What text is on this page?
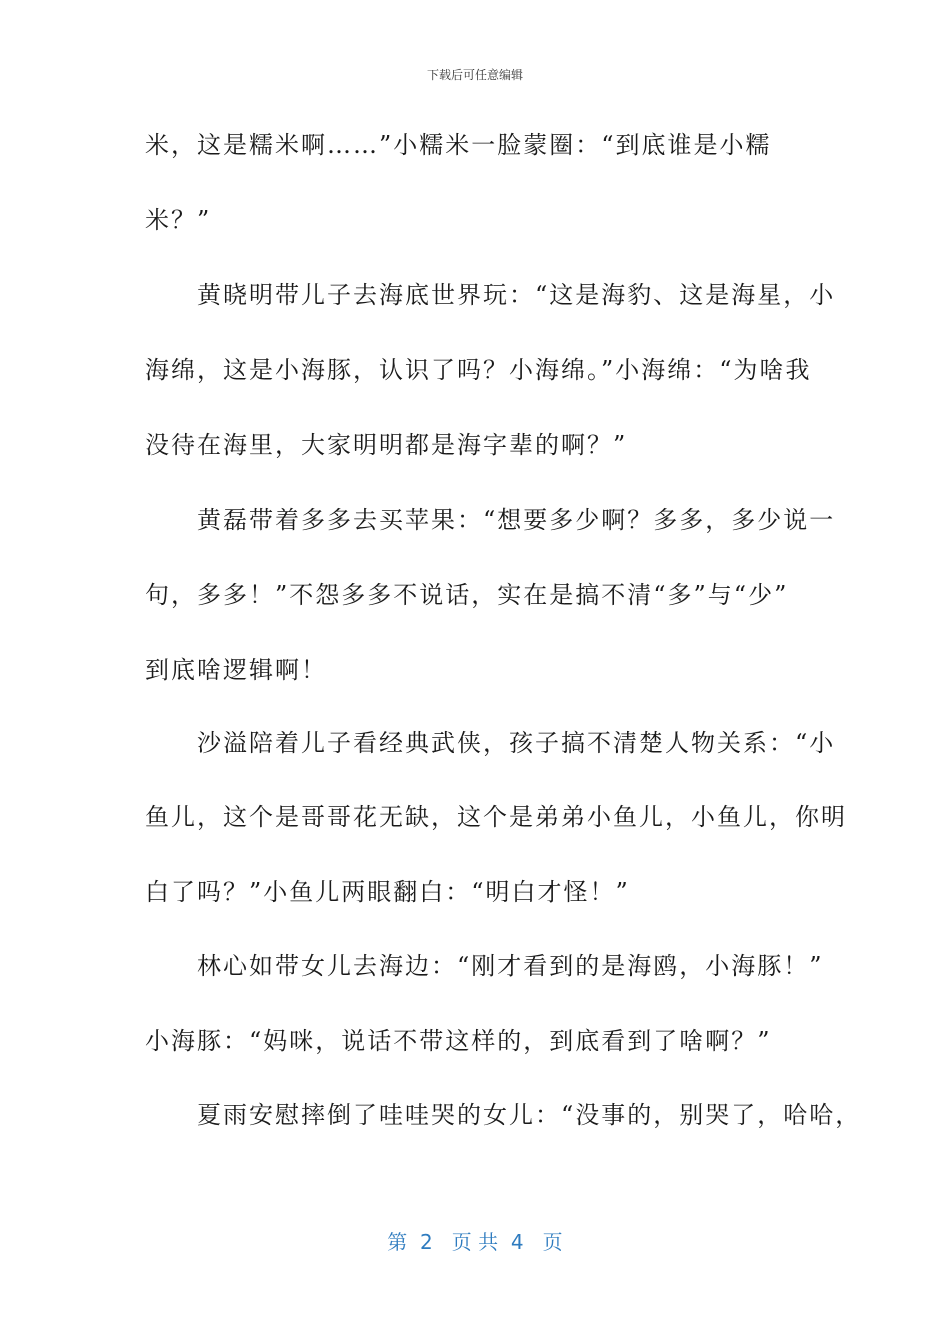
下载后可任意编辑
米，这是糯米啊……”小糯米一脸蒙圈：“到底谁是小糯
米？”
　　黄晓明带儿子去海底世界玩：“这是海豹、这是海星，小
海绵，这是小海豚，认识了吗？小海绵。”小海绵：“为啥我
没待在海里，大家明明都是海字辈的啊？”
　　黄磊带着多多去买苹果：“想要多少啊？多多，多少说一
句，多多！”不怨多多不说话，实在是搞不清“多”与“少”
到底啥逻辑啊！
　　沙溢陪着儿子看经典武侠，孩子搞不清楚人物关系：“小
鱼儿，这个是哥哥花无缺，这个是弟弟小鱼儿，小鱼儿，你明
白了吗？”小鱼儿两眼翻白：“明白才怪！”
　　林心如带女儿去海边：“刚才看到的是海鸥，小海豚！”
小海豚：“妈咪，说话不带这样的，到底看到了啥啊？”
　　夏雨安慰摔倒了哇哇哭的女儿：“没事的，别哭了，哈哈，
第  2   页 共  4   页
